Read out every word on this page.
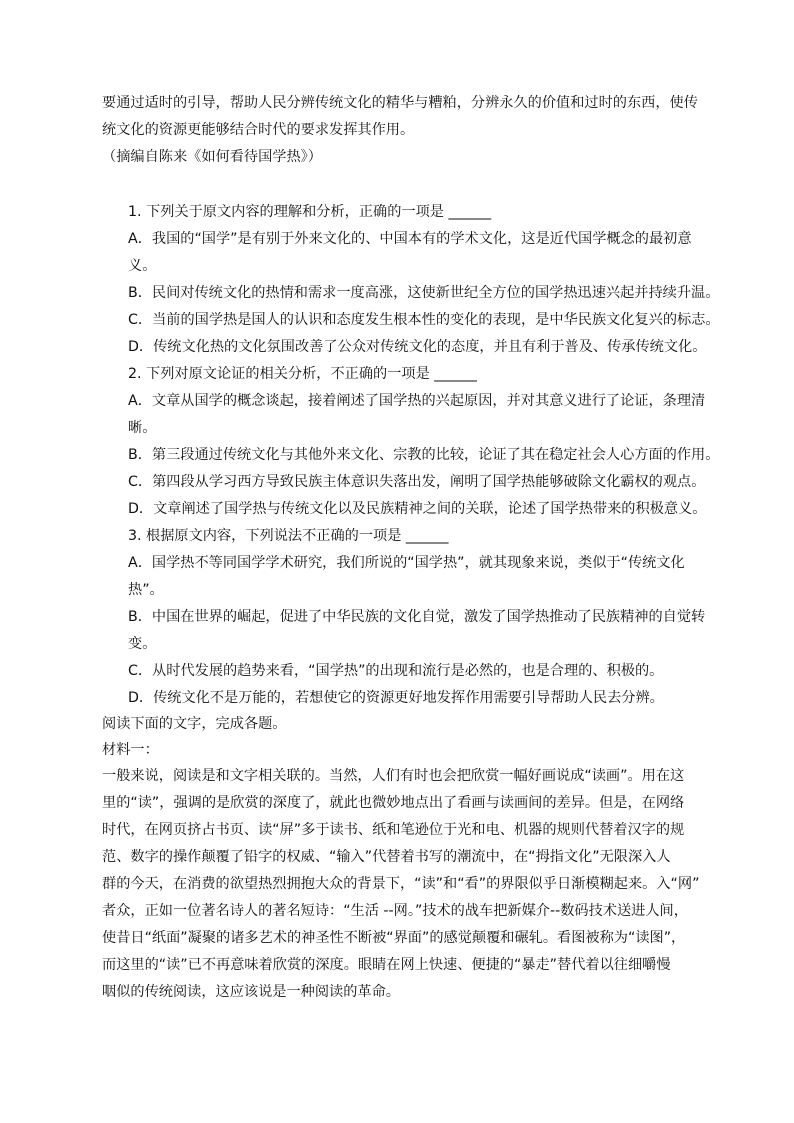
要通过适时的引导，帮助人民分辨传统文化的精华与糟粕，分辨永久的价值和过时的东西，使传
统文化的资源更能够结合时代的要求发挥其作用。
（摘编自陈来《如何看待国学热》）
1. 下列关于原文内容的理解和分析，正确的一项是 ______
A．我国的“国学”是有别于外来文化的、中国本有的学术文化，这是近代国学概念的最初意
义。
B．民间对传统文化的热情和需求一度高涨，这使新世纪全方位的国学热迅速兴起并持续升温。
C．当前的国学热是国人的认识和态度发生根本性的变化的表现，是中华民族文化复兴的标志。
D．传统文化热的文化氛围改善了公众对传统文化的态度，并且有利于普及、传承传统文化。
2. 下列对原文论证的相关分析，不正确的一项是 ______
A．文章从国学的概念谈起，接着阐述了国学热的兴起原因，并对其意义进行了论证，条理清
晰。
B．第三段通过传统文化与其他外来文化、宗教的比较，论证了其在稳定社会人心方面的作用。
C．第四段从学习西方导致民族主体意识失落出发，阐明了国学热能够破除文化霸权的观点。
D．文章阐述了国学热与传统文化以及民族精神之间的关联，论述了国学热带来的积极意义。
3. 根据原文内容，下列说法不正确的一项是 ______
A．国学热不等同国学学术研究，我们所说的“国学热”，就其现象来说，类似于“传统文化
热”。
B．中国在世界的崛起，促进了中华民族的文化自觉，激发了国学热推动了民族精神的自觉转
变。
C．从时代发展的趋势来看，“国学热”的出现和流行是必然的，也是合理的、积极的。
D．传统文化不是万能的，若想使它的资源更好地发挥作用需要引导帮助人民去分辨。
阅读下面的文字，完成各题。
材料一：
一般来说，阅读是和文字相关联的。当然，人们有时也会把欣赏一幅好画说成“读画”。用在这
里的“读”，强调的是欣赏的深度了，就此也微妙地点出了看画与读画间的差异。但是，在网络
时代，在网页挤占书页、读“屏”多于读书、纸和笔逊位于光和电、机器的规则代替着汉字的规
范、数字的操作颠覆了铅字的权威、“输入”代替着书写的潮流中，在“拇指文化”无限深入人
群的今天，在消费的欲望热烈拥抱大众的背景下，“读”和“看”的界限似乎日渐模糊起来。入“网”
者众，正如一位著名诗人的著名短诗：“生活 --网。”技术的战车把新媒介--数码技术送进人间，
使昔日“纸面”凝聚的诸多艺术的神圣性不断被“界面”的感觉颠覆和碾轧。看图被称为“读图”，
而这里的“读”已不再意味着欣赏的深度。眼睛在网上快速、便捷的“暴走”替代着以往细嚼慢
咽似的传统阅读，这应该说是一种阅读的革命。
